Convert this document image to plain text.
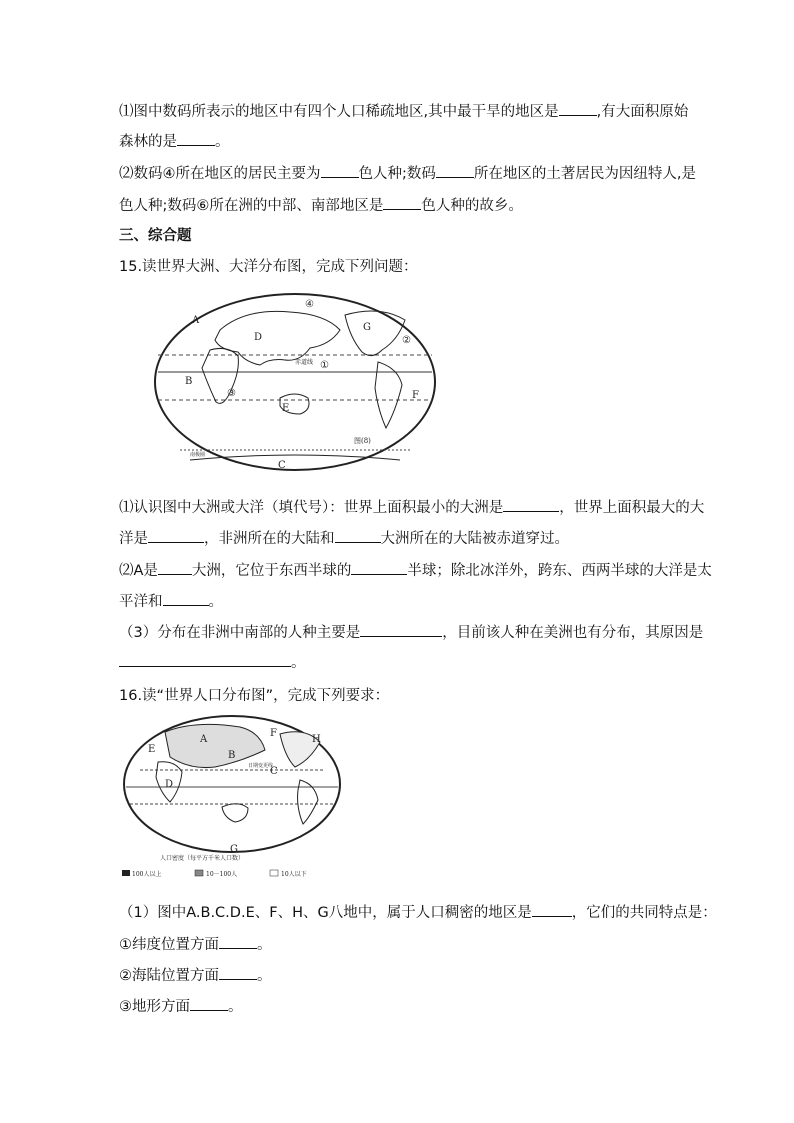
⑴图中数码所表示的地区中有四个人口稀疏地区,其中最干旱的地区是	,有大面积原始
森林的是	。
⑵数码④所在地区的居民主要为	色人种;数码	所在地区的土著居民为因纽特人,是
色人种;数码⑥所在洲的中部、南部地区是	色人种的故乡。
三、综合题
15.读世界大洲、大洋分布图，完成下列问题：
A
B
C
D
E
F
G
①
②
③
④
赤道线
图(8)
南极圈
⑴认识图中大洲或大洋（填代号）：世界上面积最小的大洲是	，世界上面积最大的大
洋是	，非洲所在的大陆和	大洲所在的大陆被赤道穿过。
⑵A是 大洲，它位于东西半球的	半球；除北冰洋外，跨东、西两半球的大洋是太
平洋和	。
（3）分布在非洲中南部的人种主要是	，目前该人种在美洲也有分布，其原因是
。
16.读“世界人口分布图”，完成下列要求：
A
B
C
D
E
F
G
H
日期变更线
人口密度（每平方千米人口数）
100人以上	10－100人	10人以下
（1）图中A.B.C.D.E、F、H、G八地中，属于人口稠密的地区是	，它们的共同特点是：
①纬度位置方面	。
②海陆位置方面	。
③地形方面	。
